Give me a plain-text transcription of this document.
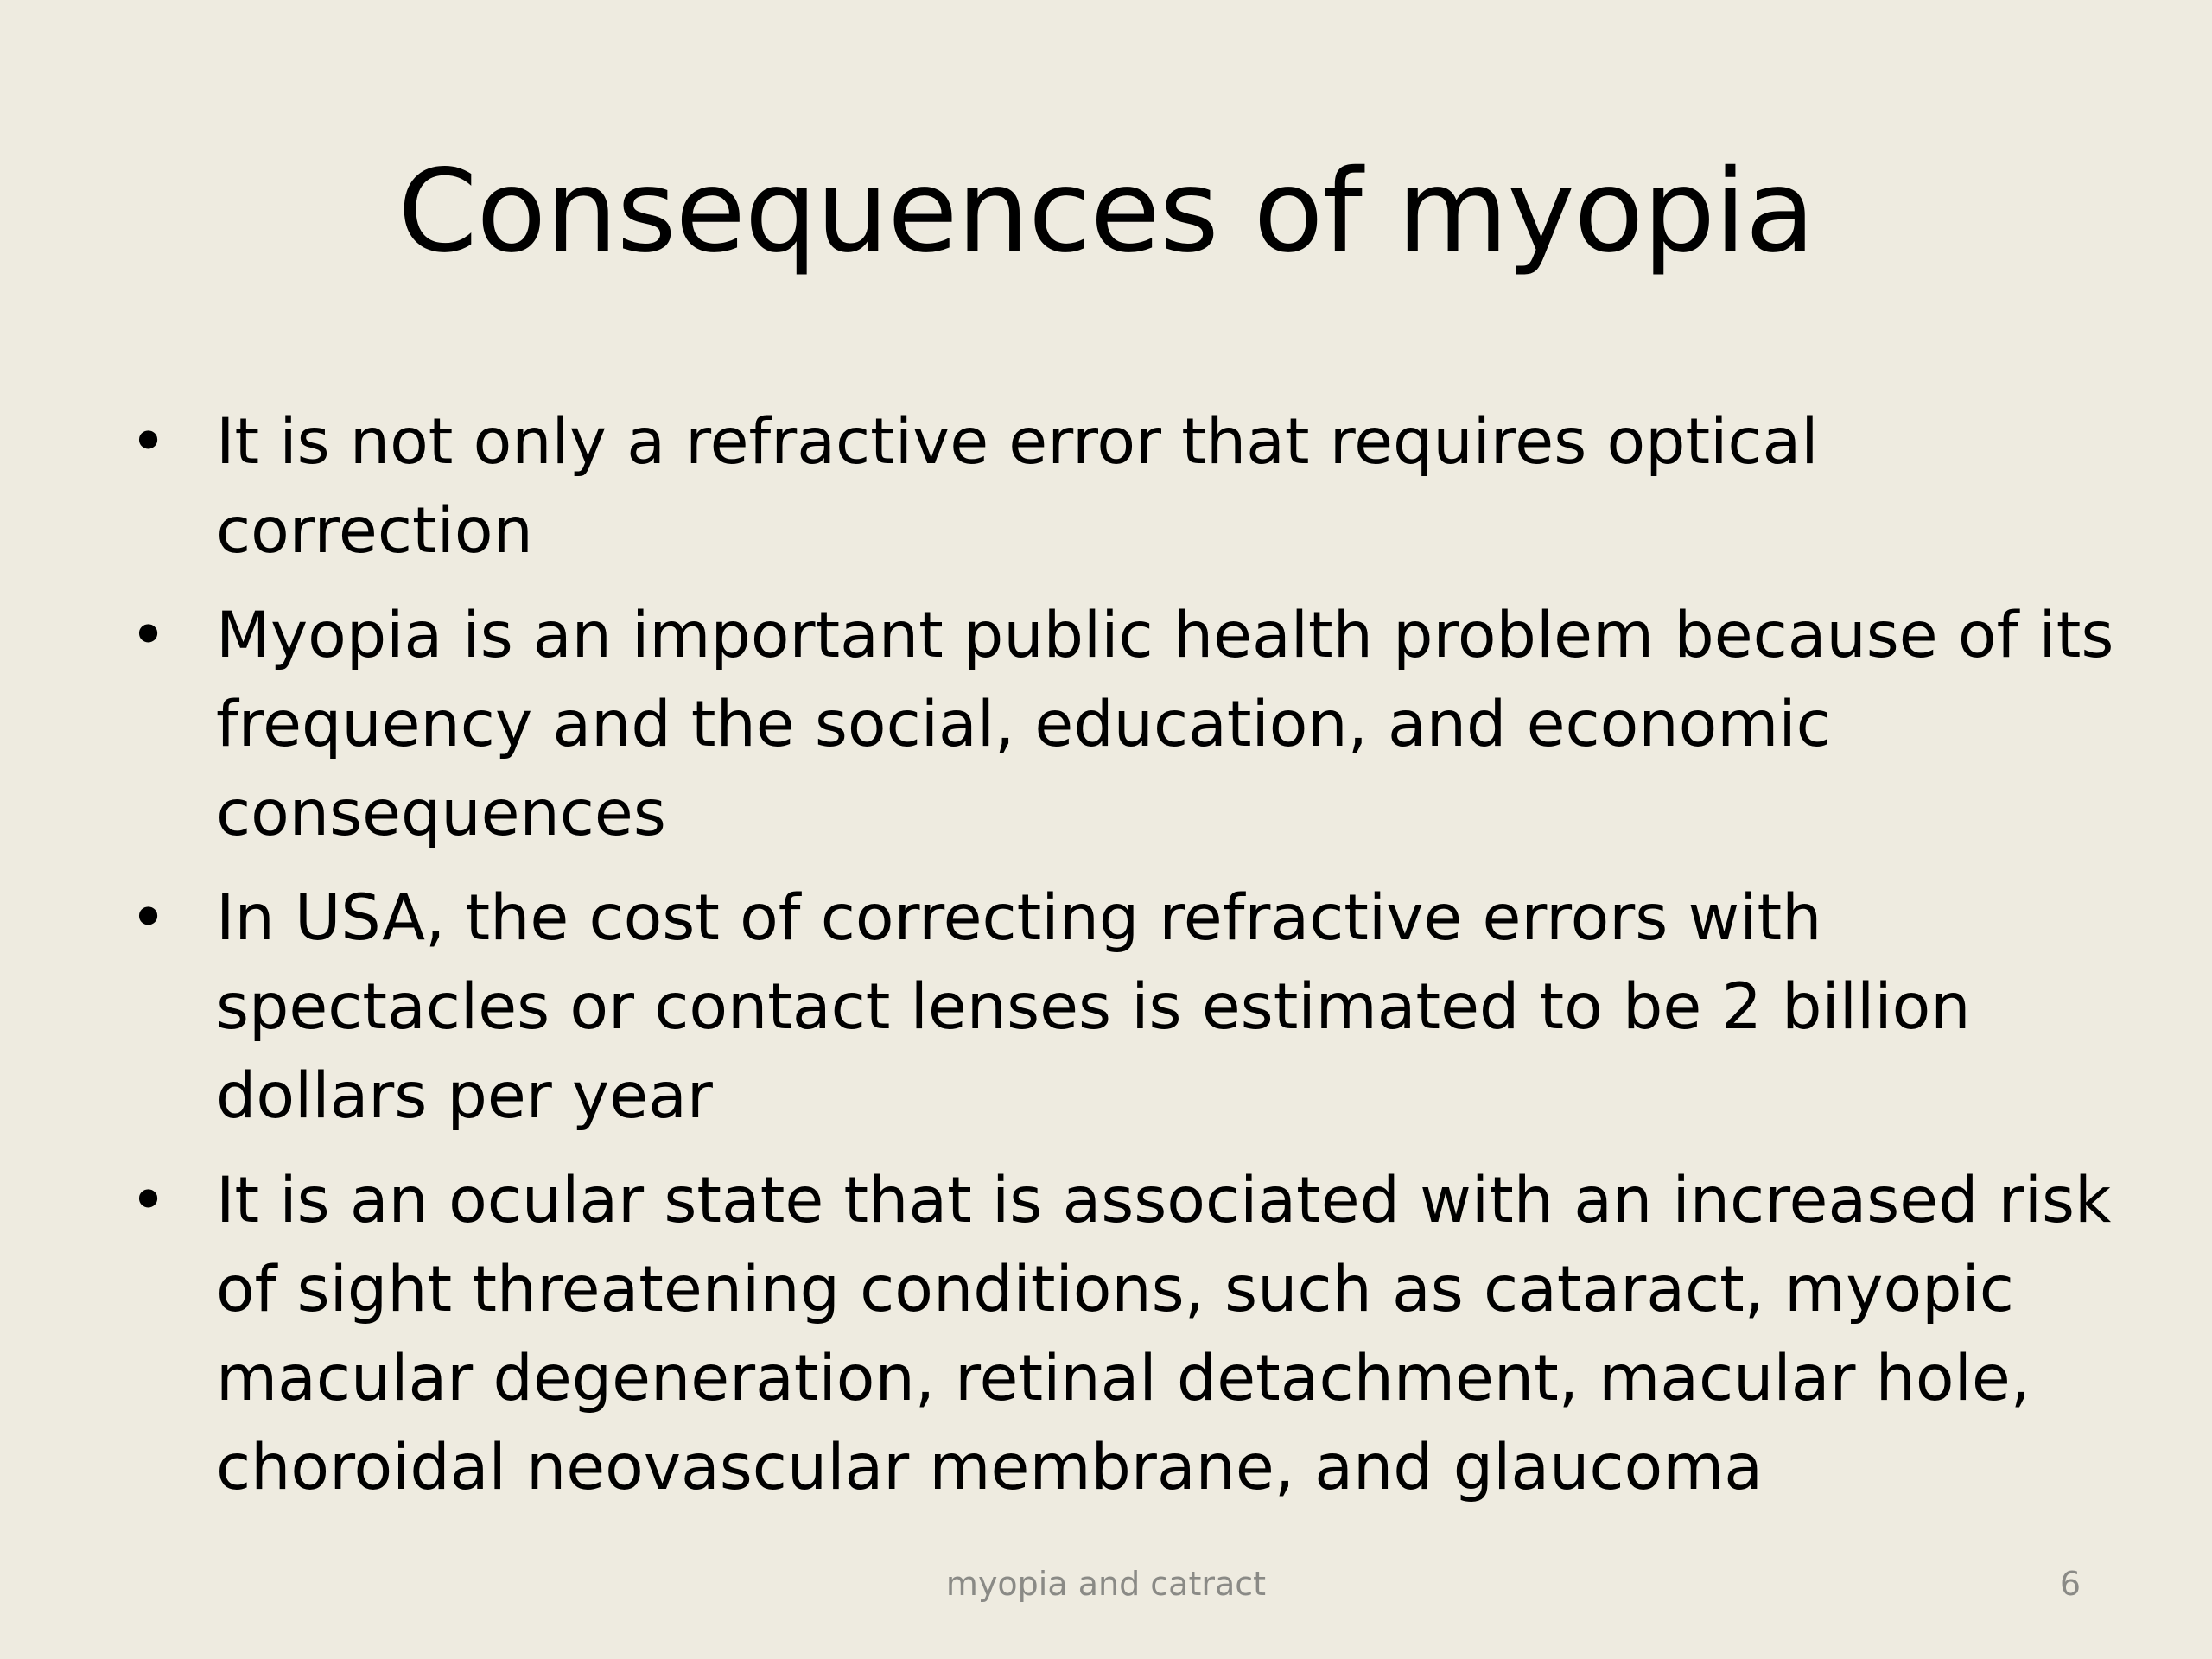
Consequences of myopia
• It is not only a refractive error that requires optical correction
• Myopia is an important public health problem because of its frequency and the social, education, and economic consequences
• In USA, the cost of correcting refractive errors with spectacles or contact lenses is estimated to be 2 billion dollars per year
• It is an ocular state that is associated with an increased risk of sight threatening conditions, such as cataract, myopic macular degeneration, retinal detachment, macular hole, choroidal neovascular membrane, and glaucoma
myopia and catract	6
